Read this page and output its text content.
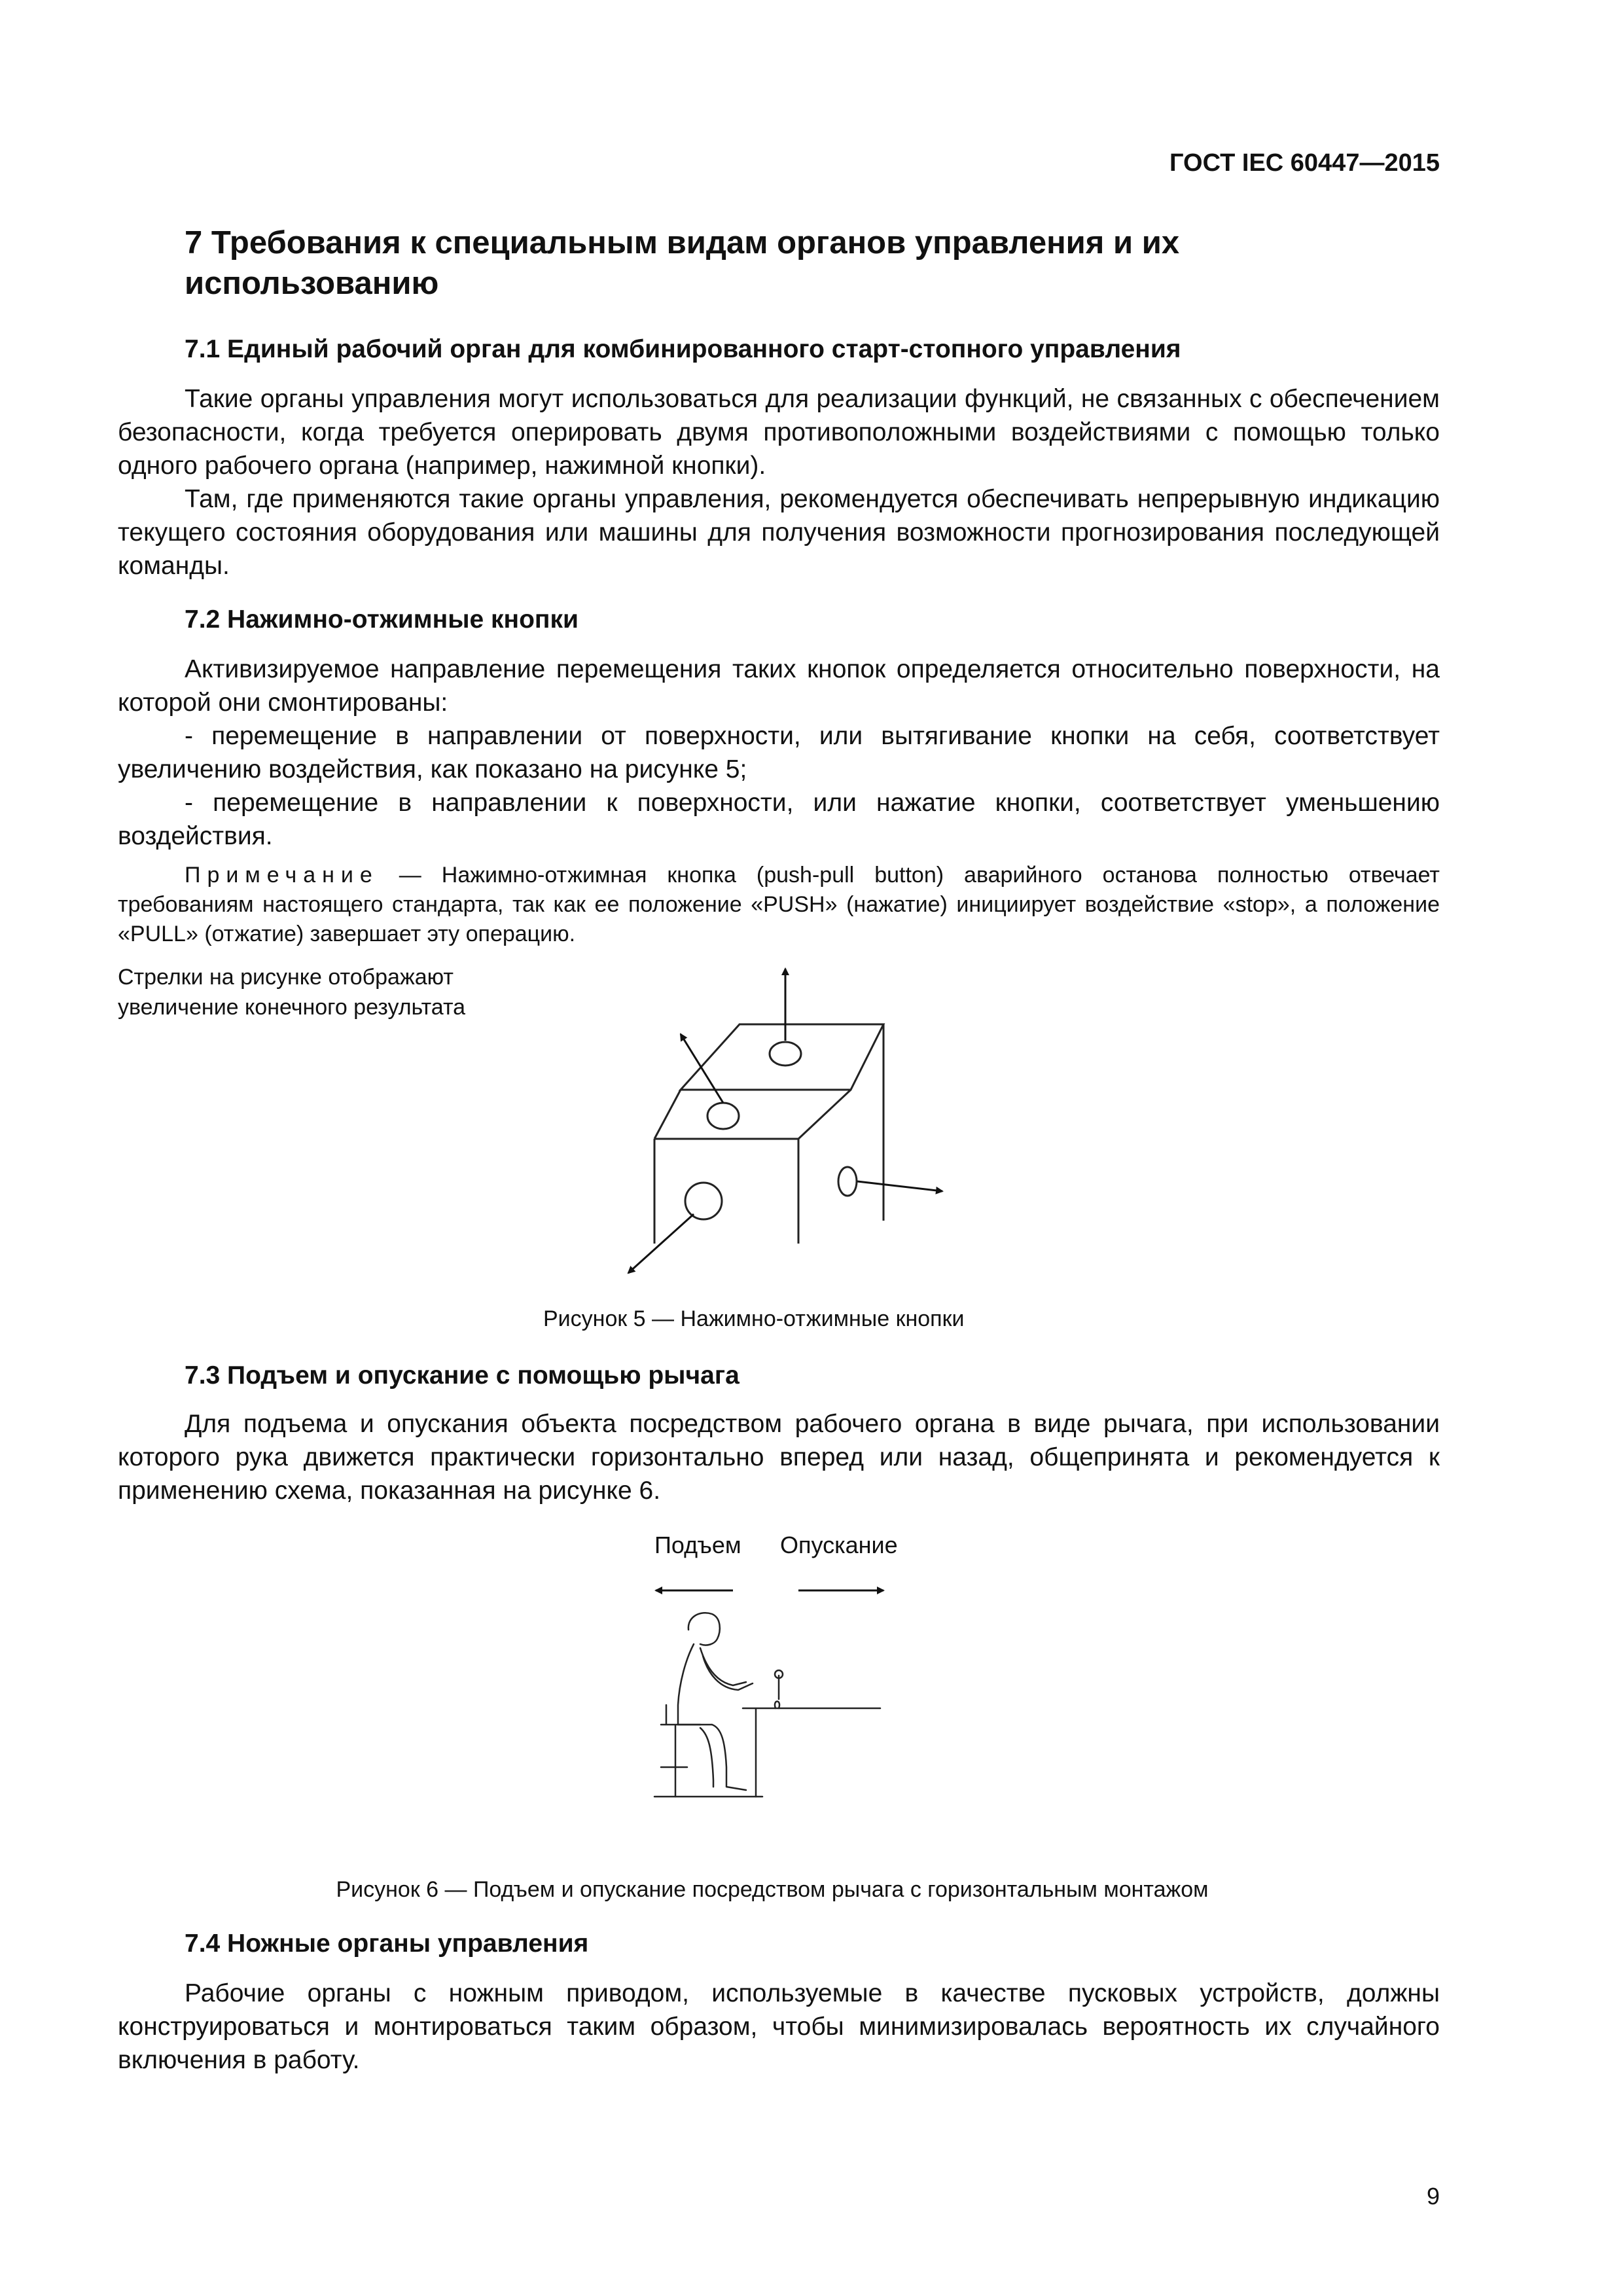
ГОСТ IEC 60447—2015
7 Требования к специальным видам органов управления и их использованию
7.1 Единый рабочий орган для комбинированного старт-стопного управления

Такие органы управления могут использоваться для реализации функций, не связанных с обеспечением безопасности, когда требуется оперировать двумя противоположными воздействиями с помощью только одного рабочего органа (например, нажимной кнопки).

Там, где применяются такие органы управления, рекомендуется обеспечивать непрерывную индикацию текущего состояния оборудования или машины для получения возможности прогнозирования последующей команды.

7.2 Нажимно-отжимные кнопки

Активизируемое направление перемещения таких кнопок определяется относительно поверхности, на которой они смонтированы:

- перемещение в направлении от поверхности, или вытягивание кнопки на себя, соответствует увеличению воздействия, как показано на рисунке 5;

- перемещение в направлении к поверхности, или нажатие кнопки, соответствует уменьшению воздействия.

Примечание — Нажимно-отжимная кнопка (push-pull button) аварийного останова полностью отвечает требованиям настоящего стандарта, так как ее положение «PUSH» (нажатие) инициирует воздействие «stop», а положение «PULL» (отжатие) завершает эту операцию.
Стрелки на рисунке отображают
увеличение конечного результата
Рисунок 5 — Нажимно-отжимные кнопки
7.3 Подъем и опускание с помощью рычага

Для подъема и опускания объекта посредством рабочего органа в виде рычага, при использовании которого рука движется практически горизонтально вперед или назад, общепринята и рекомендуется к применению схема, показанная на рисунке 6.

Подъем Опускание
Рисунок 6 — Подъем и опускание посредством рычага с горизонтальным монтажом
7.4 Ножные органы управления

Рабочие органы с ножным приводом, используемые в качестве пусковых устройств, должны конструироваться и монтироваться таким образом, чтобы минимизировалась вероятность их случайного включения в работу.

9
